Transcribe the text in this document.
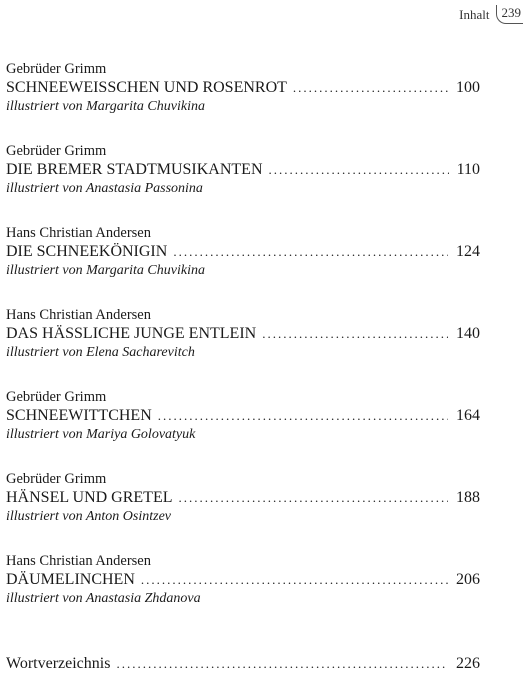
Inhalt 239

Gebrüder Grimm

SCHNEEWEISSCHEN UND ROSENROT .....	100
illustriert von Margarita Chuvikina

Gebrüder Grimm

DIE BREMER STADTMUSIKANTEN .....	110
illustriert von Anastasia Passonina

Hans Christian Andersen

DIE SCHNEEKÖNIGIN .....	124
illustriert von Margarita Chuvikina

Hans Christian Andersen

DAS HÄSSLICHE JUNGE ENTLEIN .....	140
illustriert von Elena Sacharevitch

Gebrüder Grimm

SCHNEEWITTCHEN .....	164
illustriert von Mariya Golovatyuk

Gebrüder Grimm

HÄNSEL UND GRETEL .....	188
illustriert von Anton Osintzev

Hans Christian Andersen

DÄUMELINCHEN .....	206
illustriert von Anastasia Zhdanova
Wortverzeichnis .....	226
